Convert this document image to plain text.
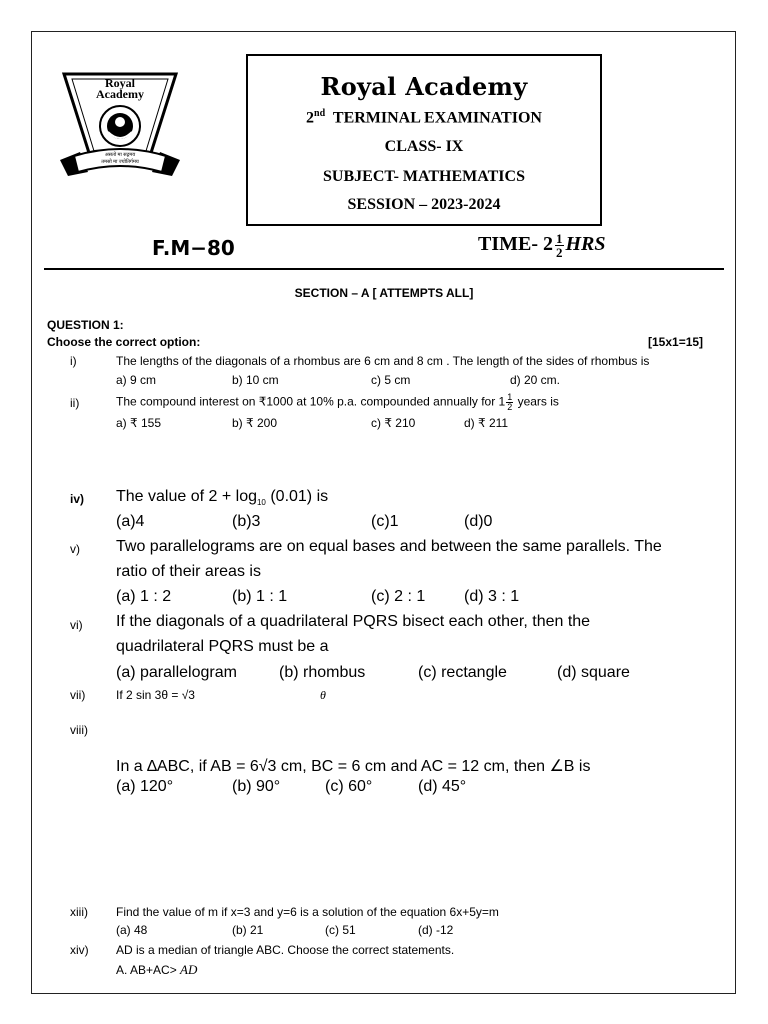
Royal Academy
असतो मा सद्गमय
तमसो मा ज्योतिर्गमय
Royal Academy
2nd TERMINAL EXAMINATION
CLASS- IX
SUBJECT- MATHEMATICS
SESSION – 2023-2024
F.M−80	TIME- $2 \frac{1}{2}$ HRS
SECTION – A [ ATTEMPTS ALL]
QUESTION 1:
Choose the correct option:	[15x1=15]
i)	The lengths of the diagonals of a rhombus are 6 cm and 8 cm . The length of the sides of rhombus is
a) 9 cm	b) 10 cm	c) 5 cm	d) 20 cm.
ii)	The compound interest on ₹1000 at 10% p.a. compounded annually for $1 \frac{1}{2}$ years is
a) ₹ 155	b) ₹ 200	c) ₹ 210	d) ₹ 211
iv) The value of $2 + \log_{10} (0.01)$ is
(a)4	(b)3	(c)1	(d)0
v) Two parallelograms are on equal bases and between the same parallels. The
ratio of their areas is
(a) 1 : 2	(b) 1 : 1	(c) 2 : 1 (d) 3 : 1
vi) If the diagonals of a quadrilateral PQRS bisect each other, then the
quadrilateral PQRS must be a
(a) parallelogram	(b) rhombus	(c) rectangle	(d) square
vii)	If 2 sin 3θ = √3	θ
viii)
In a ∆ABC, if AB = 6√3 cm, BC = 6 cm and AC = 12 cm, then ∠B is
(a) 120°	(b) 90°	(c) 60°	(d) 45°
xiii) Find the value of m if x=3 and y=6 is a solution of the equation 6x+5y=m
(a) 48	(b) 21	(c) 51	(d) -12
xiv) AD is a median of triangle ABC. Choose the correct statements.
A. AB+AC> AD
